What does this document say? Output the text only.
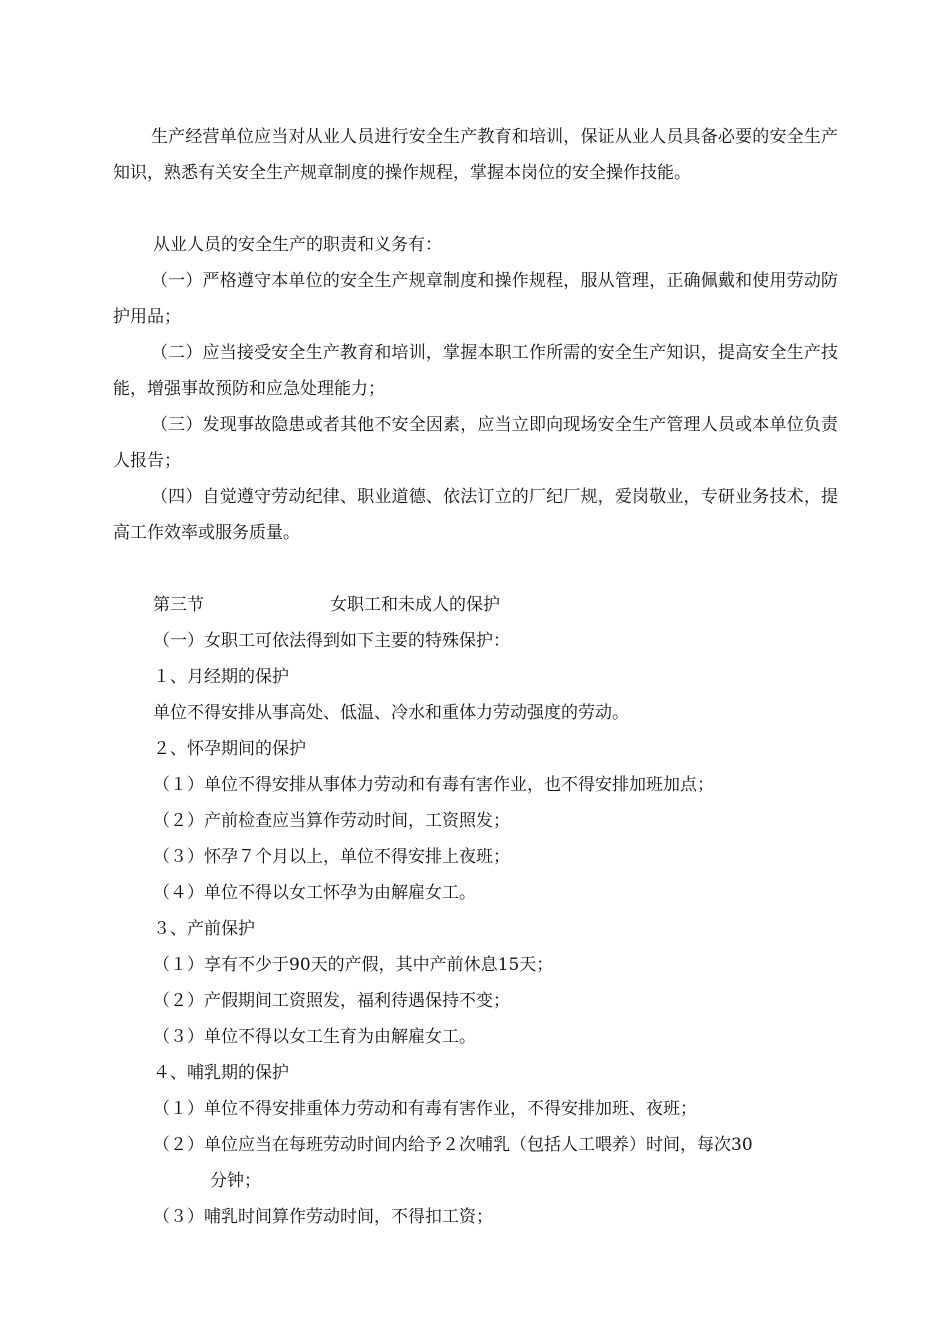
生产经营单位应当对从业人员进行安全生产教育和培训，保证从业人员具备必要的安全生产知识，熟悉有关安全生产规章制度的操作规程，掌握本岗位的安全操作技能。

从业人员的安全生产的职责和义务有：

（一）严格遵守本单位的安全生产规章制度和操作规程，服从管理，正确佩戴和使用劳动防护用品；

（二）应当接受安全生产教育和培训，掌握本职工作所需的安全生产知识，提高安全生产技能，增强事故预防和应急处理能力；

（三）发现事故隐患或者其他不安全因素，应当立即向现场安全生产管理人员或本单位负责人报告；

（四）自觉遵守劳动纪律、职业道德、依法订立的厂纪厂规，爱岗敬业，专研业务技术，提高工作效率或服务质量。

第三节	女职工和未成人的保护

（一）女职工可依法得到如下主要的特殊保护：

１、月经期的保护

单位不得安排从事高处、低温、冷水和重体力劳动强度的劳动。

２、怀孕期间的保护

（１）单位不得安排从事体力劳动和有毒有害作业，也不得安排加班加点；

（２）产前检查应当算作劳动时间，工资照发；

（３）怀孕７个月以上，单位不得安排上夜班；

（４）单位不得以女工怀孕为由解雇女工。

３、产前保护

（１）享有不少于90天的产假，其中产前休息15天；

（２）产假期间工资照发，福利待遇保持不变；

（３）单位不得以女工生育为由解雇女工。

４、哺乳期的保护

（１）单位不得安排重体力劳动和有毒有害作业，不得安排加班、夜班；

（２）单位应当在每班劳动时间内给予２次哺乳（包括人工喂养）时间，每次30
分钟；

（３）哺乳时间算作劳动时间，不得扣工资；
